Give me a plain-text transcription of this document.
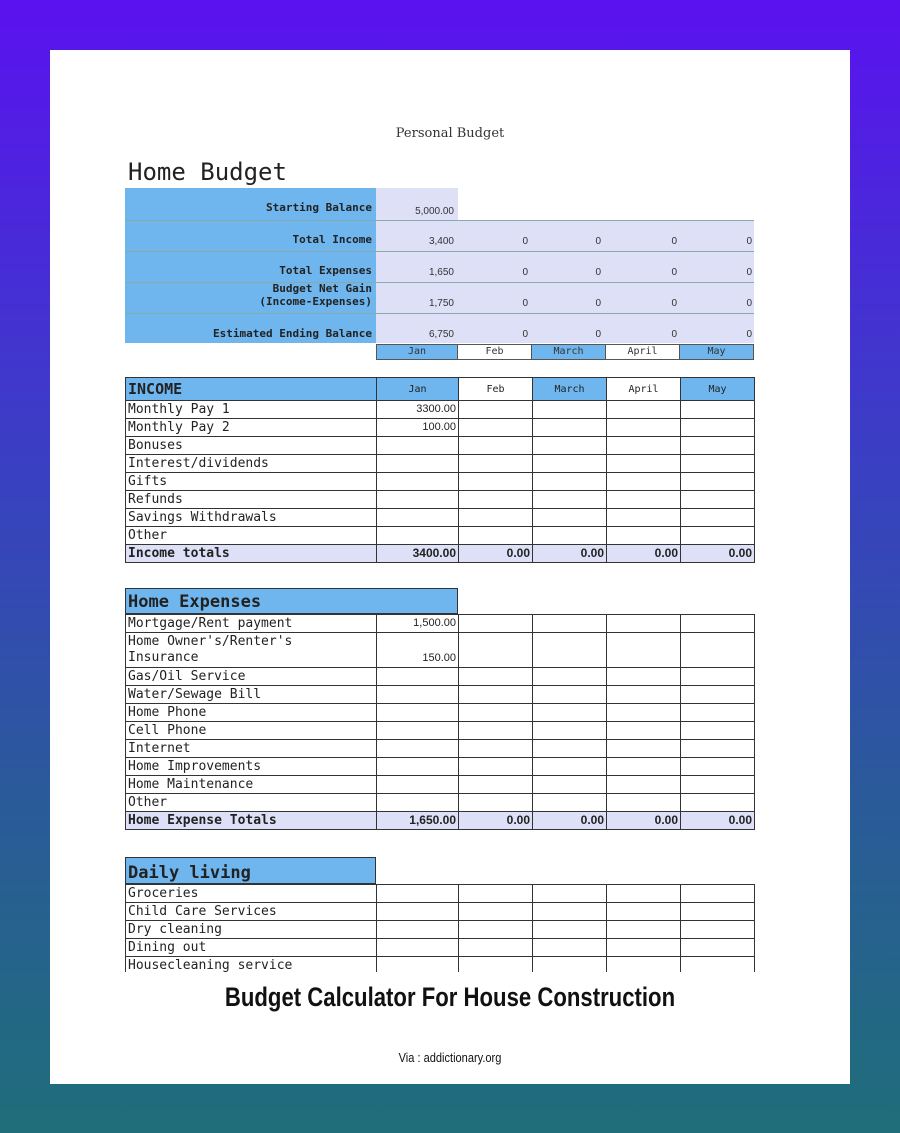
Personal Budget
Home Budget
Starting Balance	5,000.00
Total Income	3,400	0	0	0	0
Total Expenses	1,650	0	0	0	0
Budget Net Gain
(Income-Expenses)	1,750	0	0	0	0
Estimated Ending Balance	6,750	0	0	0	0
Jan	Feb	March	April	May
INCOME	Jan	Feb	March	April	May
Monthly Pay 1	3300.00				
Monthly Pay 2	100.00				
Bonuses					
Interest/dividends					
Gifts					
Refunds					
Savings Withdrawals					
Other					
Income totals	3400.00	0.00	0.00	0.00	0.00
Home Expenses
Mortgage/Rent payment	1,500.00				

Home Owner's/Renter's
Insurance	150.00				
Gas/Oil Service					
Water/Sewage Bill					
Home Phone					
Cell Phone					
Internet					
Home Improvements					
Home Maintenance					
Other					
Home Expense Totals	1,650.00	0.00	0.00	0.00	0.00
Daily living
Groceries					
Child Care Services					
Dry cleaning					
Dining out					
Housecleaning service					
Budget Calculator For House Construction
Via : addictionary.org
